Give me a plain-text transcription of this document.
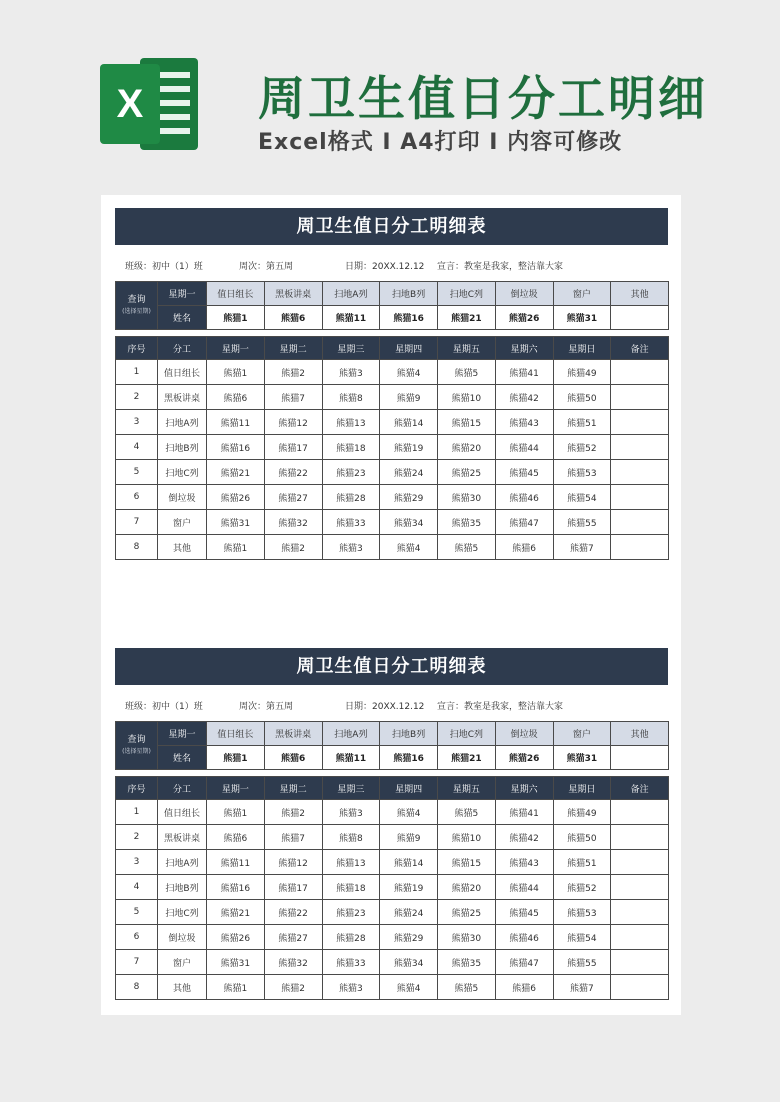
X	周卫生值日分工明细
Excel格式 I A4打印 I 内容可修改
周卫生值日分工明细表
班级：初中（1）班	周次：第五周	日期：20XX.12.12 宣言：教室是我家，整洁靠大家
查询
(选择星期)	星期一	值日组长	黑板讲桌	扫地A列	扫地B列	扫地C列	倒垃圾	窗户	其他
	姓名	熊猫1	熊猫6	熊猫11	熊猫16	熊猫21	熊猫26	熊猫31	
序号	分工	星期一	星期二	星期三	星期四	星期五	星期六	星期日	备注
1	值日组长	熊猫1	熊猫2	熊猫3	熊猫4	熊猫5	熊猫41	熊猫49	
2	黑板讲桌	熊猫6	熊猫7	熊猫8	熊猫9	熊猫10	熊猫42	熊猫50	
3	扫地A列	熊猫11	熊猫12	熊猫13	熊猫14	熊猫15	熊猫43	熊猫51	
4	扫地B列	熊猫16	熊猫17	熊猫18	熊猫19	熊猫20	熊猫44	熊猫52	
5	扫地C列	熊猫21	熊猫22	熊猫23	熊猫24	熊猫25	熊猫45	熊猫53	
6	倒垃圾	熊猫26	熊猫27	熊猫28	熊猫29	熊猫30	熊猫46	熊猫54	
7	窗户	熊猫31	熊猫32	熊猫33	熊猫34	熊猫35	熊猫47	熊猫55	
8	其他	熊猫1	熊猫2	熊猫3	熊猫4	熊猫5	熊猫6	熊猫7	
周卫生值日分工明细表
班级：初中（1）班	周次：第五周	日期：20XX.12.12 宣言：教室是我家，整洁靠大家
查询
(选择星期)	星期一	值日组长	黑板讲桌	扫地A列	扫地B列	扫地C列	倒垃圾	窗户	其他
	姓名	熊猫1	熊猫6	熊猫11	熊猫16	熊猫21	熊猫26	熊猫31	
序号	分工	星期一	星期二	星期三	星期四	星期五	星期六	星期日	备注
1	值日组长	熊猫1	熊猫2	熊猫3	熊猫4	熊猫5	熊猫41	熊猫49	
2	黑板讲桌	熊猫6	熊猫7	熊猫8	熊猫9	熊猫10	熊猫42	熊猫50	
3	扫地A列	熊猫11	熊猫12	熊猫13	熊猫14	熊猫15	熊猫43	熊猫51	
4	扫地B列	熊猫16	熊猫17	熊猫18	熊猫19	熊猫20	熊猫44	熊猫52	
5	扫地C列	熊猫21	熊猫22	熊猫23	熊猫24	熊猫25	熊猫45	熊猫53	
6	倒垃圾	熊猫26	熊猫27	熊猫28	熊猫29	熊猫30	熊猫46	熊猫54	
7	窗户	熊猫31	熊猫32	熊猫33	熊猫34	熊猫35	熊猫47	熊猫55	
8	其他	熊猫1	熊猫2	熊猫3	熊猫4	熊猫5	熊猫6	熊猫7	
